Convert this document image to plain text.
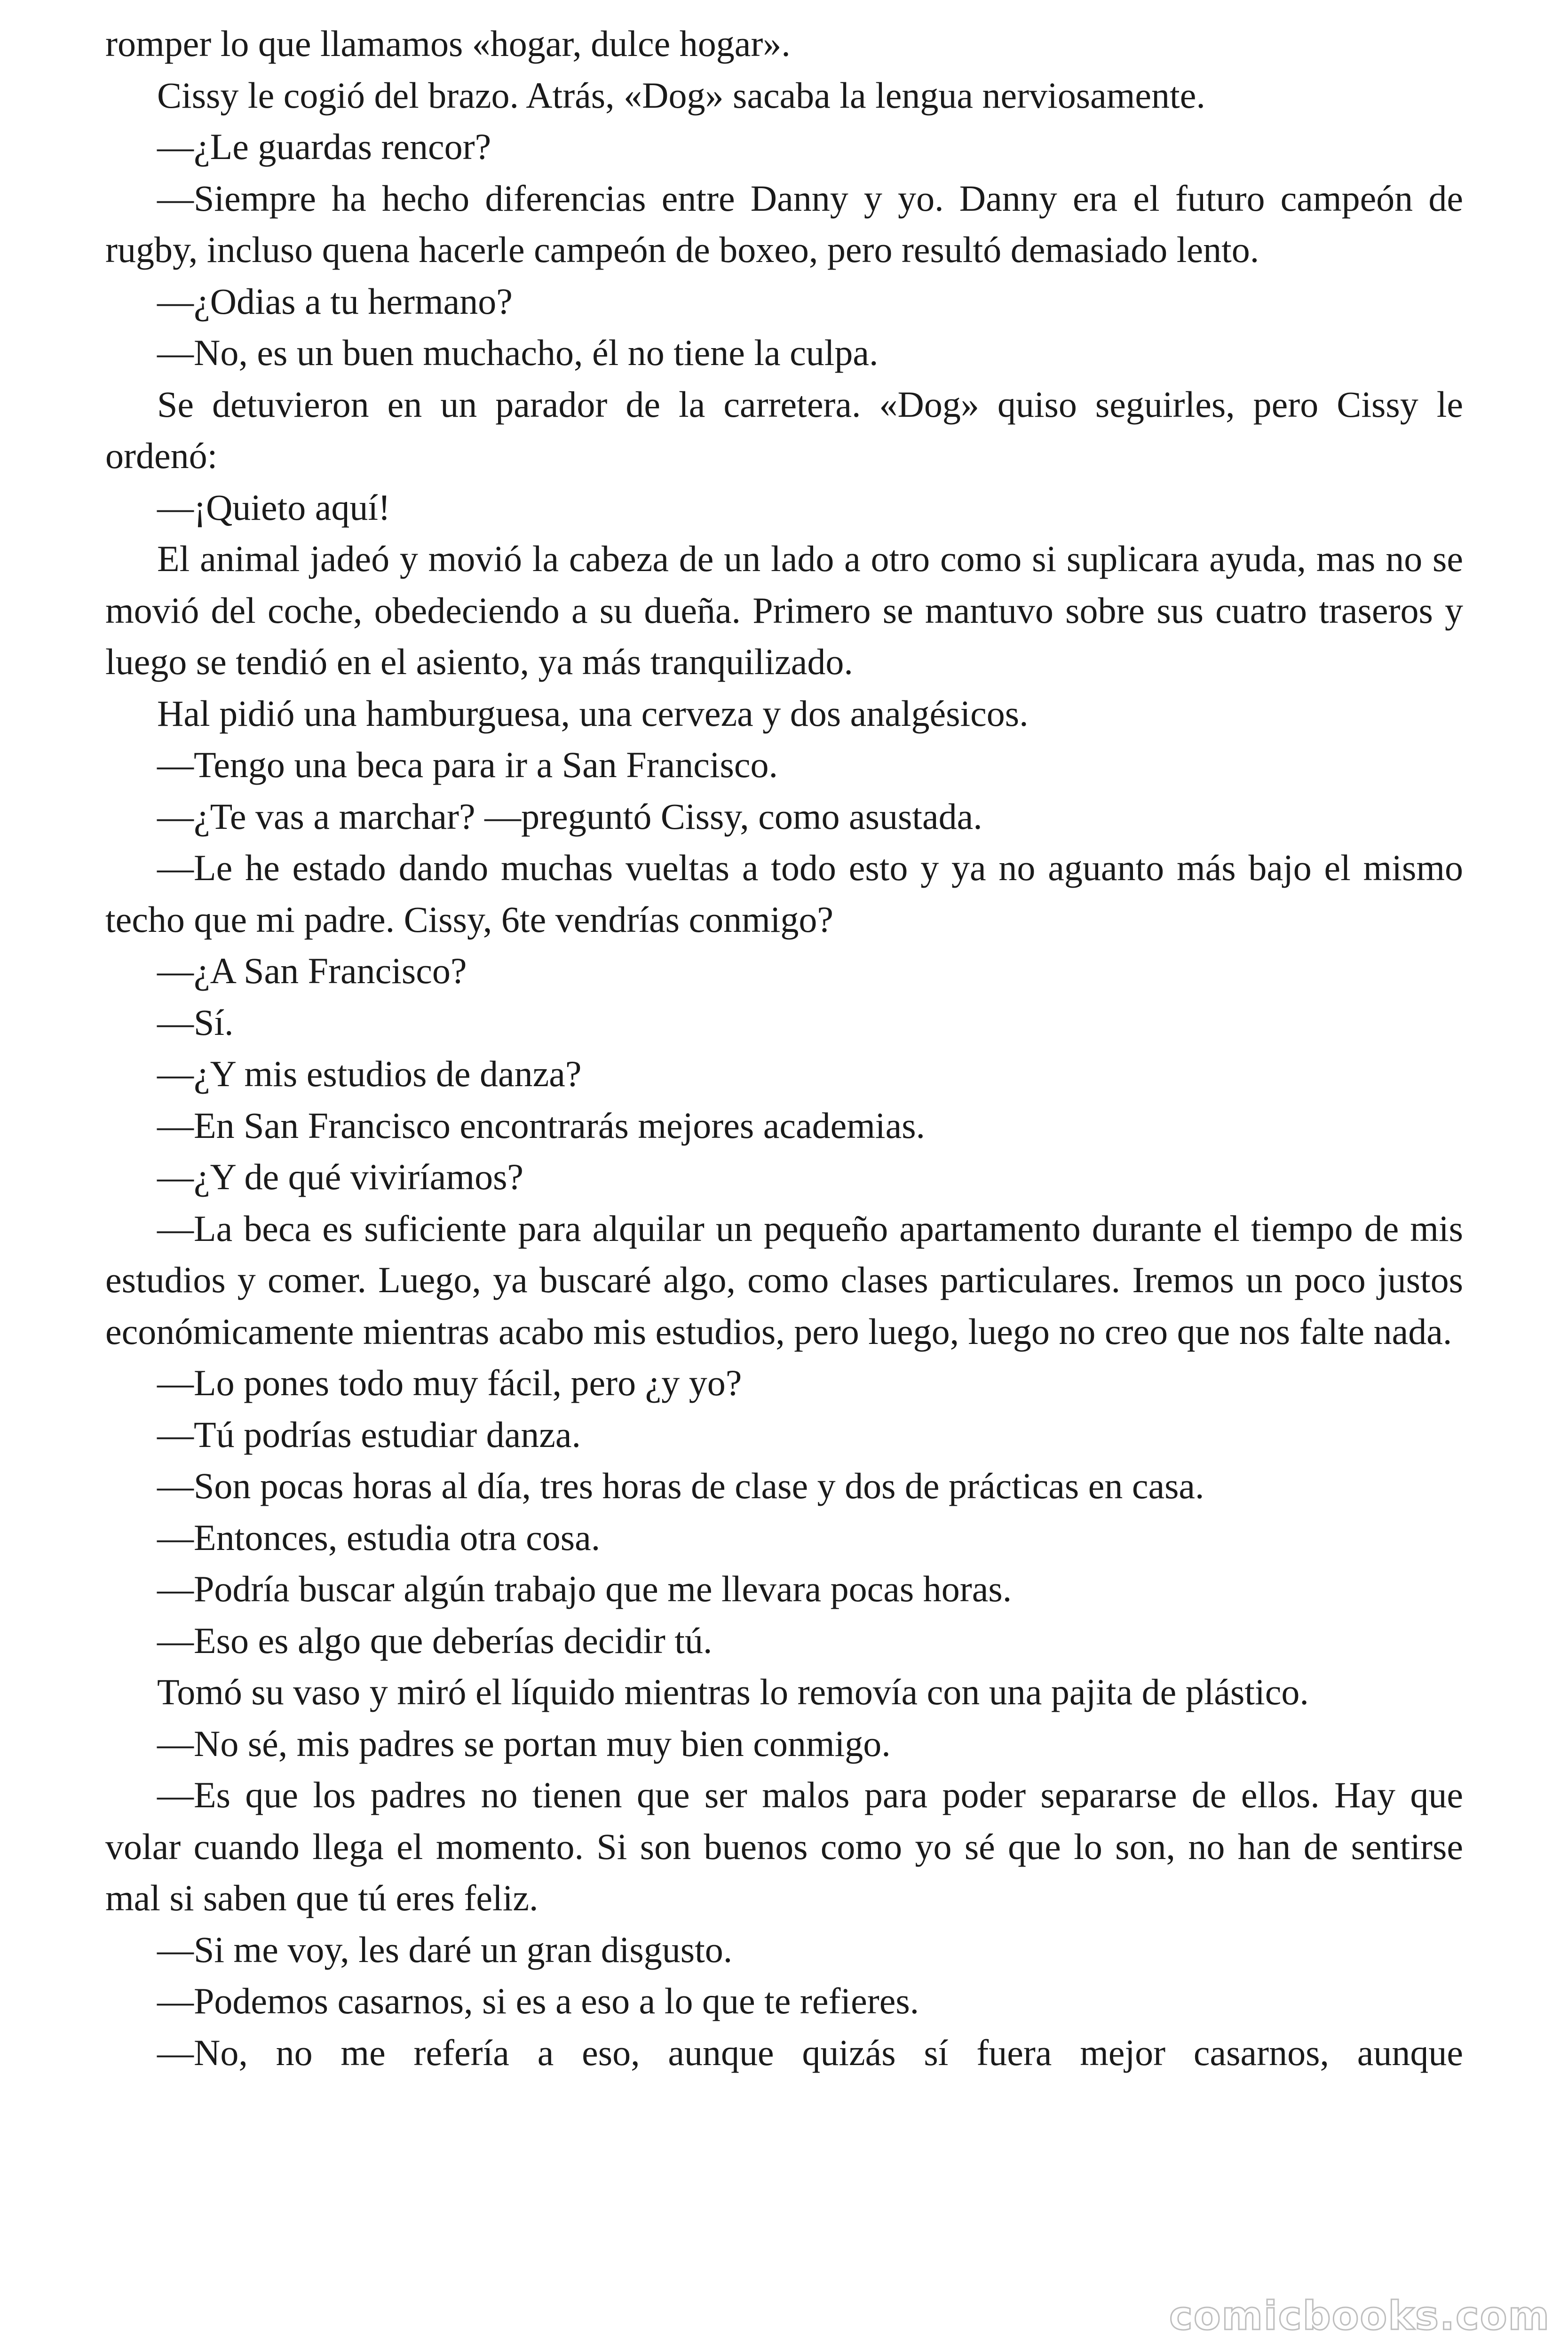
romper lo que llamamos «hogar, dulce hogar».

Cissy le cogió del brazo. Atrás, «Dog» sacaba la lengua nerviosamente.

—¿Le guardas rencor?

—Siempre ha hecho diferencias entre Danny y yo. Danny era el futuro campeón de rugby, incluso quena hacerle campeón de boxeo, pero resultó demasiado lento.

—¿Odias a tu hermano?

—No, es un buen muchacho, él no tiene la culpa.

Se detuvieron en un parador de la carretera. «Dog» quiso seguirles, pero Cissy le ordenó:

—¡Quieto aquí!

El animal jadeó y movió la cabeza de un lado a otro como si suplicara ayuda, mas no se movió del coche, obedeciendo a su dueña. Primero se mantuvo sobre sus cuatro traseros y luego se tendió en el asiento, ya más tranquilizado.

Hal pidió una hamburguesa, una cerveza y dos analgésicos.

—Tengo una beca para ir a San Francisco.

—¿Te vas a marchar? —preguntó Cissy, como asustada.

—Le he estado dando muchas vueltas a todo esto y ya no aguanto más bajo el mismo techo que mi padre. Cissy, 6te vendrías conmigo?

—¿A San Francisco?

—Sí.

—¿Y mis estudios de danza?

—En San Francisco encontrarás mejores academias.

—¿Y de qué viviríamos?

—La beca es suficiente para alquilar un pequeño apartamento durante el tiempo de mis estudios y comer. Luego, ya buscaré algo, como clases particulares. Iremos un poco justos económicamente mientras acabo mis estudios, pero luego, luego no creo que nos falte nada.

—Lo pones todo muy fácil, pero ¿y yo?

—Tú podrías estudiar danza.

—Son pocas horas al día, tres horas de clase y dos de prácticas en casa.

—Entonces, estudia otra cosa.

—Podría buscar algún trabajo que me llevara pocas horas.

—Eso es algo que deberías decidir tú.

Tomó su vaso y miró el líquido mientras lo removía con una pajita de plástico.

—No sé, mis padres se portan muy bien conmigo.

—Es que los padres no tienen que ser malos para poder separarse de ellos. Hay que volar cuando llega el momento. Si son buenos como yo sé que lo son, no han de sentirse mal si saben que tú eres feliz.

—Si me voy, les daré un gran disgusto.

—Podemos casarnos, si es a eso a lo que te refieres.

—No, no me refería a eso, aunque quizás sí fuera mejor casarnos, aunque

comicbooks.com
